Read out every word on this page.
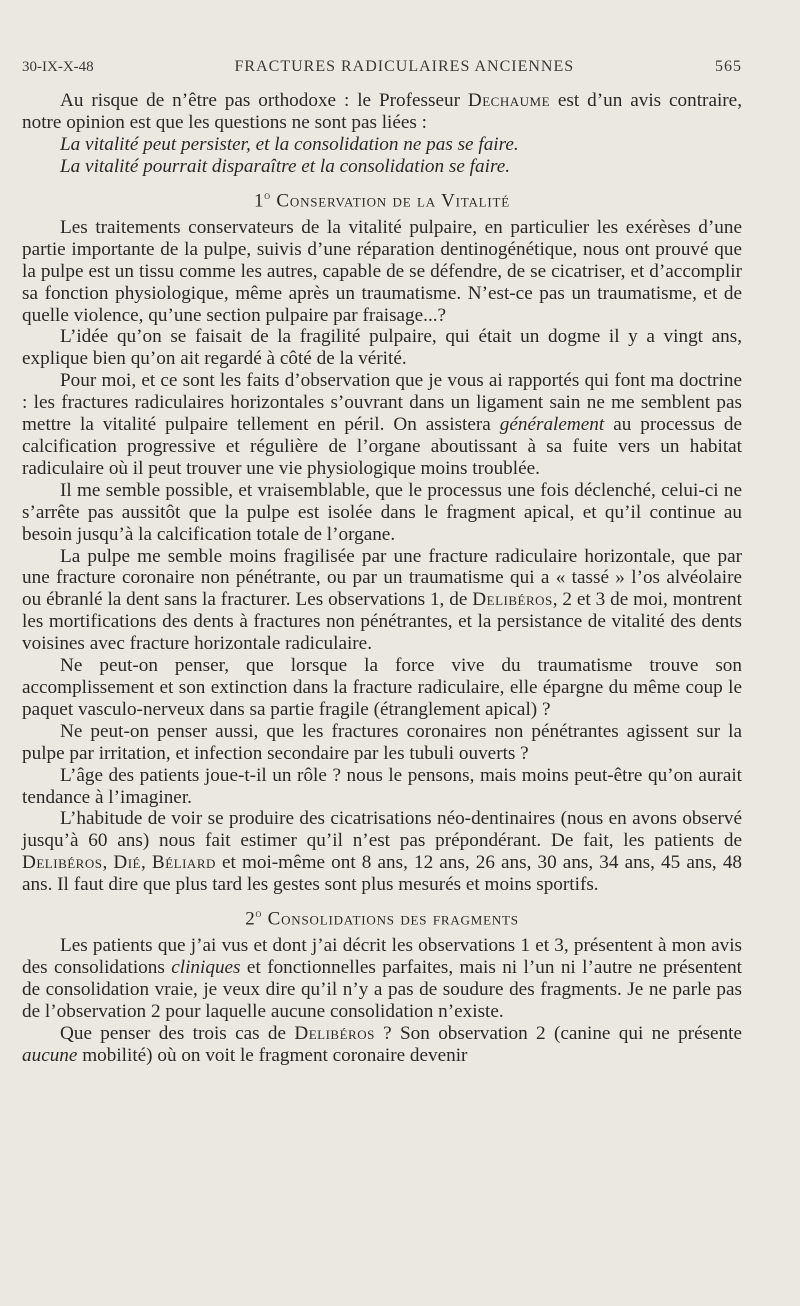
30-IX-X-48	FRACTURES RADICULAIRES ANCIENNES	565

Au risque de n’être pas orthodoxe : le Professeur Dechaume est d’un avis contraire, notre opinion est que les questions ne sont pas liées :

La vitalité peut persister, et la consolidation ne pas se faire.

La vitalité pourrait disparaître et la consolidation se faire.

1$^o$ Conservation de la Vitalité

Les traitements conservateurs de la vitalité pulpaire, en particulier les exérèses d’une partie importante de la pulpe, suivis d’une réparation dentinogénétique, nous ont prouvé que la pulpe est un tissu comme les autres, capable de se défendre, de se cicatriser, et d’accomplir sa fonction physiologique, même après un traumatisme. N’est-ce pas un traumatisme, et de quelle violence, qu’une section pulpaire par fraisage...?

L’idée qu’on se faisait de la fragilité pulpaire, qui était un dogme il y a vingt ans, explique bien qu’on ait regardé à côté de la vérité.

Pour moi, et ce sont les faits d’observation que je vous ai rapportés qui font ma doctrine : les fractures radiculaires horizontales s’ouvrant dans un ligament sain ne me semblent pas mettre la vitalité pulpaire tellement en péril. On assistera généralement au processus de calcification progressive et régulière de l’organe aboutissant à sa fuite vers un habitat radiculaire où il peut trouver une vie physiologique moins troublée.

Il me semble possible, et vraisemblable, que le processus une fois déclenché, celui-ci ne s’arrête pas aussitôt que la pulpe est isolée dans le fragment apical, et qu’il continue au besoin jusqu’à la calcification totale de l’organe.

La pulpe me semble moins fragilisée par une fracture radiculaire horizontale, que par une fracture coronaire non pénétrante, ou par un traumatisme qui a « tassé » l’os alvéolaire ou ébranlé la dent sans la fracturer. Les observations 1, de Delibéros, 2 et 3 de moi, montrent les mortifications des dents à fractures non pénétrantes, et la persistance de vitalité des dents voisines avec fracture horizontale radiculaire.

Ne peut-on penser, que lorsque la force vive du traumatisme trouve son accomplissement et son extinction dans la fracture radiculaire, elle épargne du même coup le paquet vasculo-nerveux dans sa partie fragile (étranglement apical) ?

Ne peut-on penser aussi, que les fractures coronaires non pénétrantes agissent sur la pulpe par irritation, et infection secondaire par les tubuli ouverts ?

L’âge des patients joue-t-il un rôle ? nous le pensons, mais moins peut-être qu’on aurait tendance à l’imaginer.

L’habitude de voir se produire des cicatrisations néo-dentinaires (nous en avons observé jusqu’à 60 ans) nous fait estimer qu’il n’est pas prépondérant. De fait, les patients de Delibéros, Dié, Béliard et moi-même ont 8 ans, 12 ans, 26 ans, 30 ans, 34 ans, 45 ans, 48 ans. Il faut dire que plus tard les gestes sont plus mesurés et moins sportifs.

2$^o$ Consolidations des fragments

Les patients que j’ai vus et dont j’ai décrit les observations 1 et 3, présentent à mon avis des consolidations cliniques et fonctionnelles parfaites, mais ni l’un ni l’autre ne présentent de consolidation vraie, je veux dire qu’il n’y a pas de soudure des fragments. Je ne parle pas de l’observation 2 pour laquelle aucune consolidation n’existe.

Que penser des trois cas de Delibéros ? Son observation 2 (canine qui ne présente aucune mobilité) où on voit le fragment coronaire devenir
